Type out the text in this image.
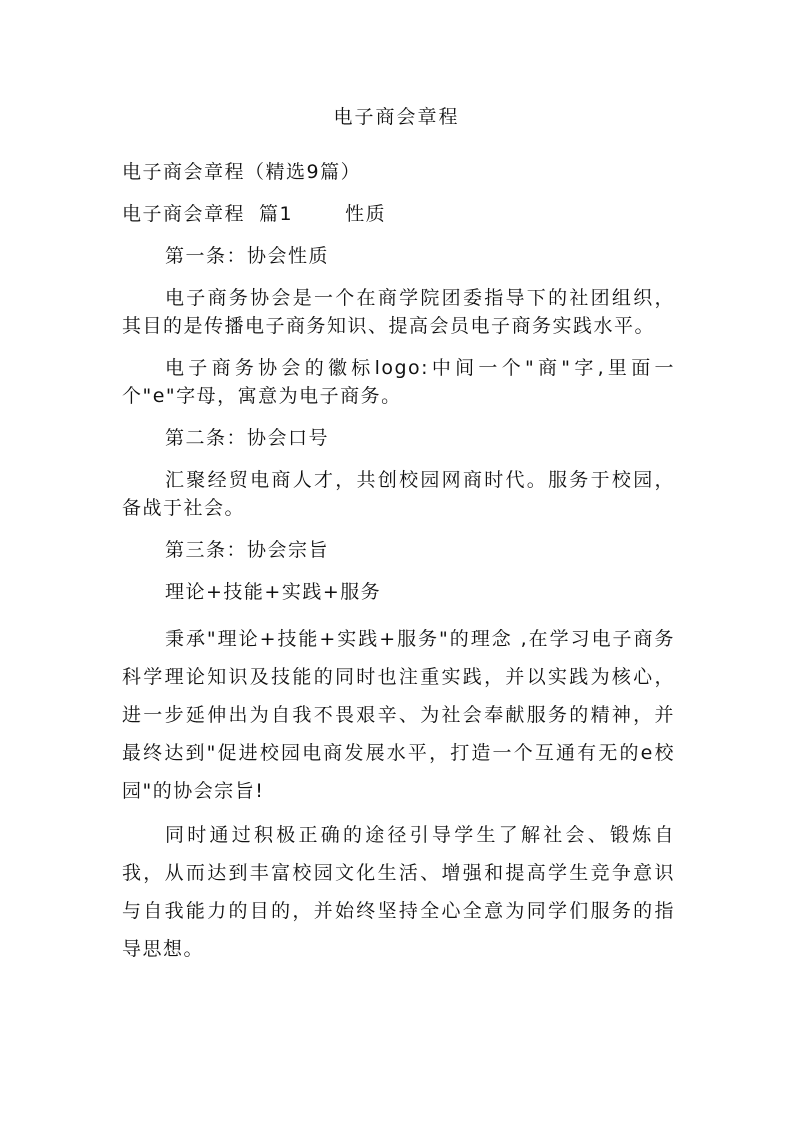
电子商会章程
电子商会章程（精选9篇）
电子商会章程 篇1	性质
第一条：协会性质
电子商务协会是一个在商学院团委指导下的社团组织，其目的是传播电子商务知识、提高会员电子商务实践水平。
电子商务协会的徽标logo:中间一个"商"字,里面一个"e"字母，寓意为电子商务。
第二条：协会口号
汇聚经贸电商人才，共创校园网商时代。服务于校园，备战于社会。
第三条：协会宗旨
理论+技能+实践+服务
秉承"理论+技能+实践+服务"的理念 ,在学习电子商务科学理论知识及技能的同时也注重实践，并以实践为核心，进一步延伸出为自我不畏艰辛、为社会奉献服务的精神，并最终达到"促进校园电商发展水平，打造一个互通有无的e校园"的协会宗旨!
同时通过积极正确的途径引导学生了解社会、锻炼自我，从而达到丰富校园文化生活、增强和提高学生竞争意识与自我能力的目的，并始终坚持全心全意为同学们服务的指导思想。
